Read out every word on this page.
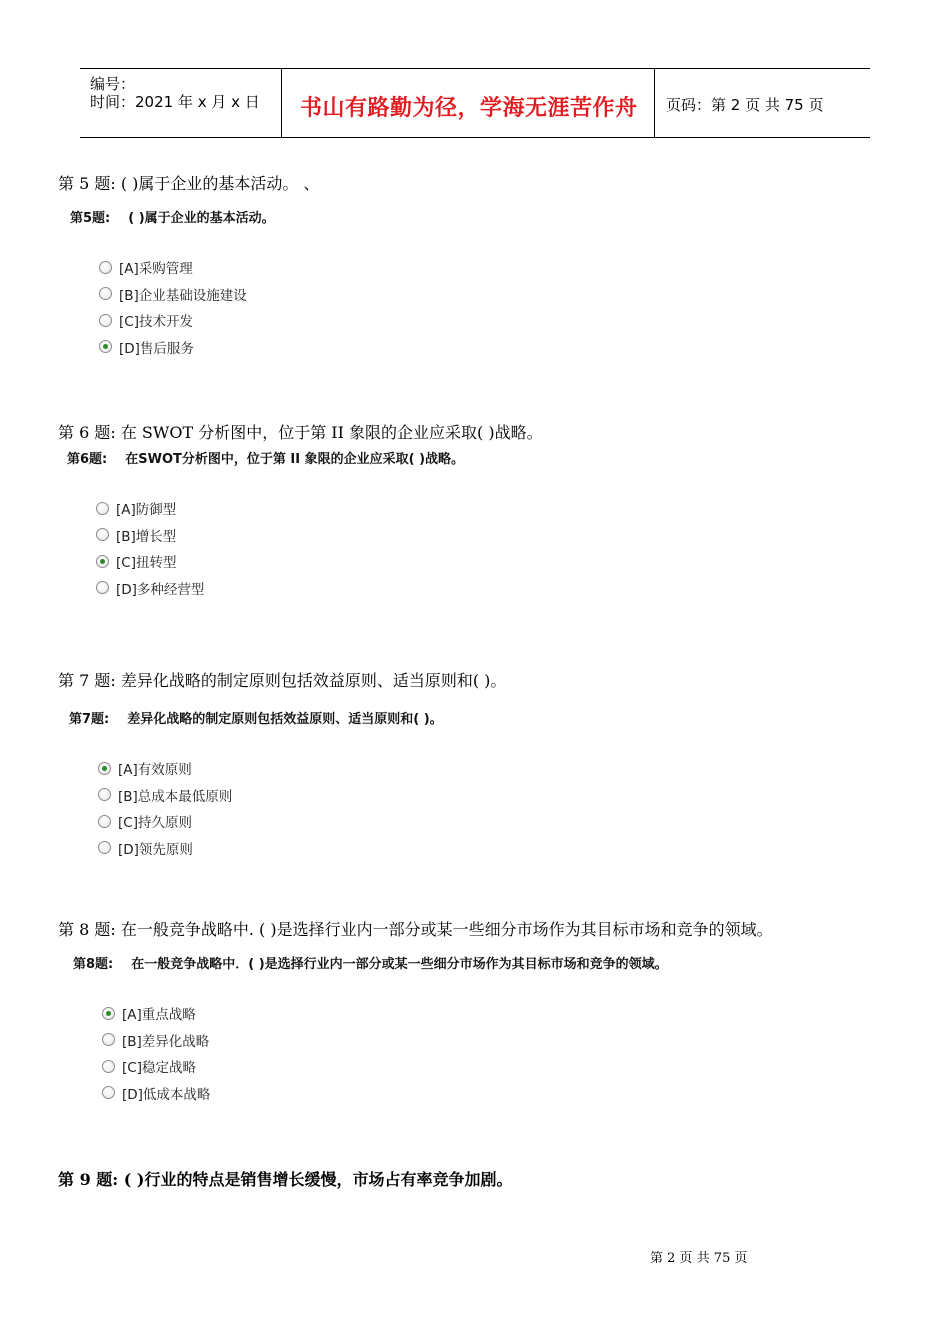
编号：
时间：2021 年 x 月 x 日 书山有路勤为径，学海无涯苦作舟 页码：第 2 页 共 75 页
第 5 题: ( )属于企业的基本活动。 、
第5题: ( )属于企业的基本活动。
[A]采购管理
[B]企业基础设施建设
[C]技术开发
[D]售后服务
第 6 题: 在 SWOT 分析图中，位于第 II 象限的企业应采取( )战略。
第6题: 在SWOT分析图中，位于第 II 象限的企业应采取( )战略。
[A]防御型
[B]增长型
[C]扭转型
[D]多种经营型
第 7 题: 差异化战略的制定原则包括效益原则、适当原则和( )。
第7题: 差异化战略的制定原则包括效益原则、适当原则和( )。
[A]有效原则
[B]总成本最低原则
[C]持久原则
[D]领先原则
第 8 题: 在一般竞争战略中. ( )是选择行业内一部分或某一些细分市场作为其目标市场和竞争的领域。
第8题: 在一般竞争战略中．( )是选择行业内一部分或某一些细分市场作为其目标市场和竞争的领域。
[A]重点战略
[B]差异化战略
[C]稳定战略
[D]低成本战略
第 9 题: ( )行业的特点是销售增长缓慢，市场占有率竞争加剧。
第 2 页 共 75 页
